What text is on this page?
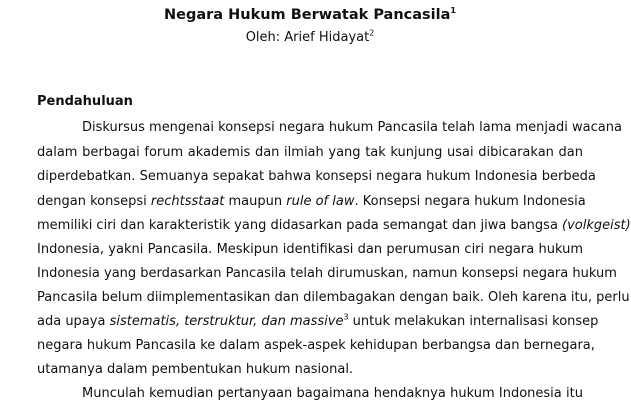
Negara Hukum Berwatak Pancasila$^1$
Oleh: Arief Hidayat$^2$
Pendahuluan
Diskursus mengenai konsepsi negara hukum Pancasila telah lama menjadi wacana
dalam berbagai forum akademis dan ilmiah yang tak kunjung usai dibicarakan dan
diperdebatkan. Semuanya sepakat bahwa konsepsi negara hukum Indonesia berbeda
dengan konsepsi rechtsstaat maupun rule of law. Konsepsi negara hukum Indonesia
memiliki ciri dan karakteristik yang didasarkan pada semangat dan jiwa bangsa (volkgeist)
Indonesia, yakni Pancasila. Meskipun identifikasi dan perumusan ciri negara hukum
Indonesia yang berdasarkan Pancasila telah dirumuskan, namun konsepsi negara hukum
Pancasila belum diimplementasikan dan dilembagakan dengan baik. Oleh karena itu, perlu
ada upaya sistematis, terstruktur, dan massive$^3$ untuk melakukan internalisasi konsep
negara hukum Pancasila ke dalam aspek-aspek kehidupan berbangsa dan bernegara,
utamanya dalam pembentukan hukum nasional.
Munculah kemudian pertanyaan bagaimana hendaknya hukum Indonesia itu
